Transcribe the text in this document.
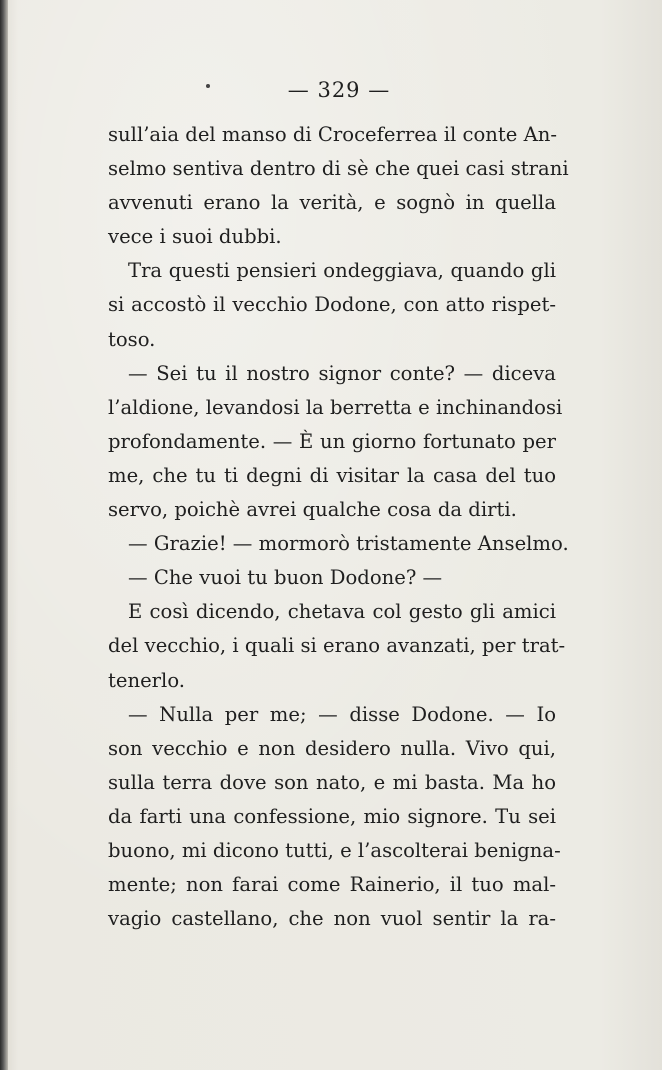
— 329 —
sull’aia del manso di Croceferrea il conte An-
selmo sentiva dentro di sè che quei casi strani
avvenuti erano la verità, e sognò in quella
vece i suoi dubbi.
Tra questi pensieri ondeggiava, quando gli
si accostò il vecchio Dodone, con atto rispet-
toso.
— Sei tu il nostro signor conte? — diceva
l’aldione, levandosi la berretta e inchinandosi
profondamente. — È un giorno fortunato per
me, che tu ti degni di visitar la casa del tuo
servo, poichè avrei qualche cosa da dirti.
— Grazie! — mormorò tristamente Anselmo.
— Che vuoi tu buon Dodone? —
E così dicendo, chetava col gesto gli amici
del vecchio, i quali si erano avanzati, per trat-
tenerlo.
— Nulla per me; — disse Dodone. — Io
son vecchio e non desidero nulla. Vivo qui,
sulla terra dove son nato, e mi basta. Ma ho
da farti una confessione, mio signore. Tu sei
buono, mi dicono tutti, e l’ascolterai benigna-
mente; non farai come Rainerio, il tuo mal-
vagio castellano, che non vuol sentir la ra-
